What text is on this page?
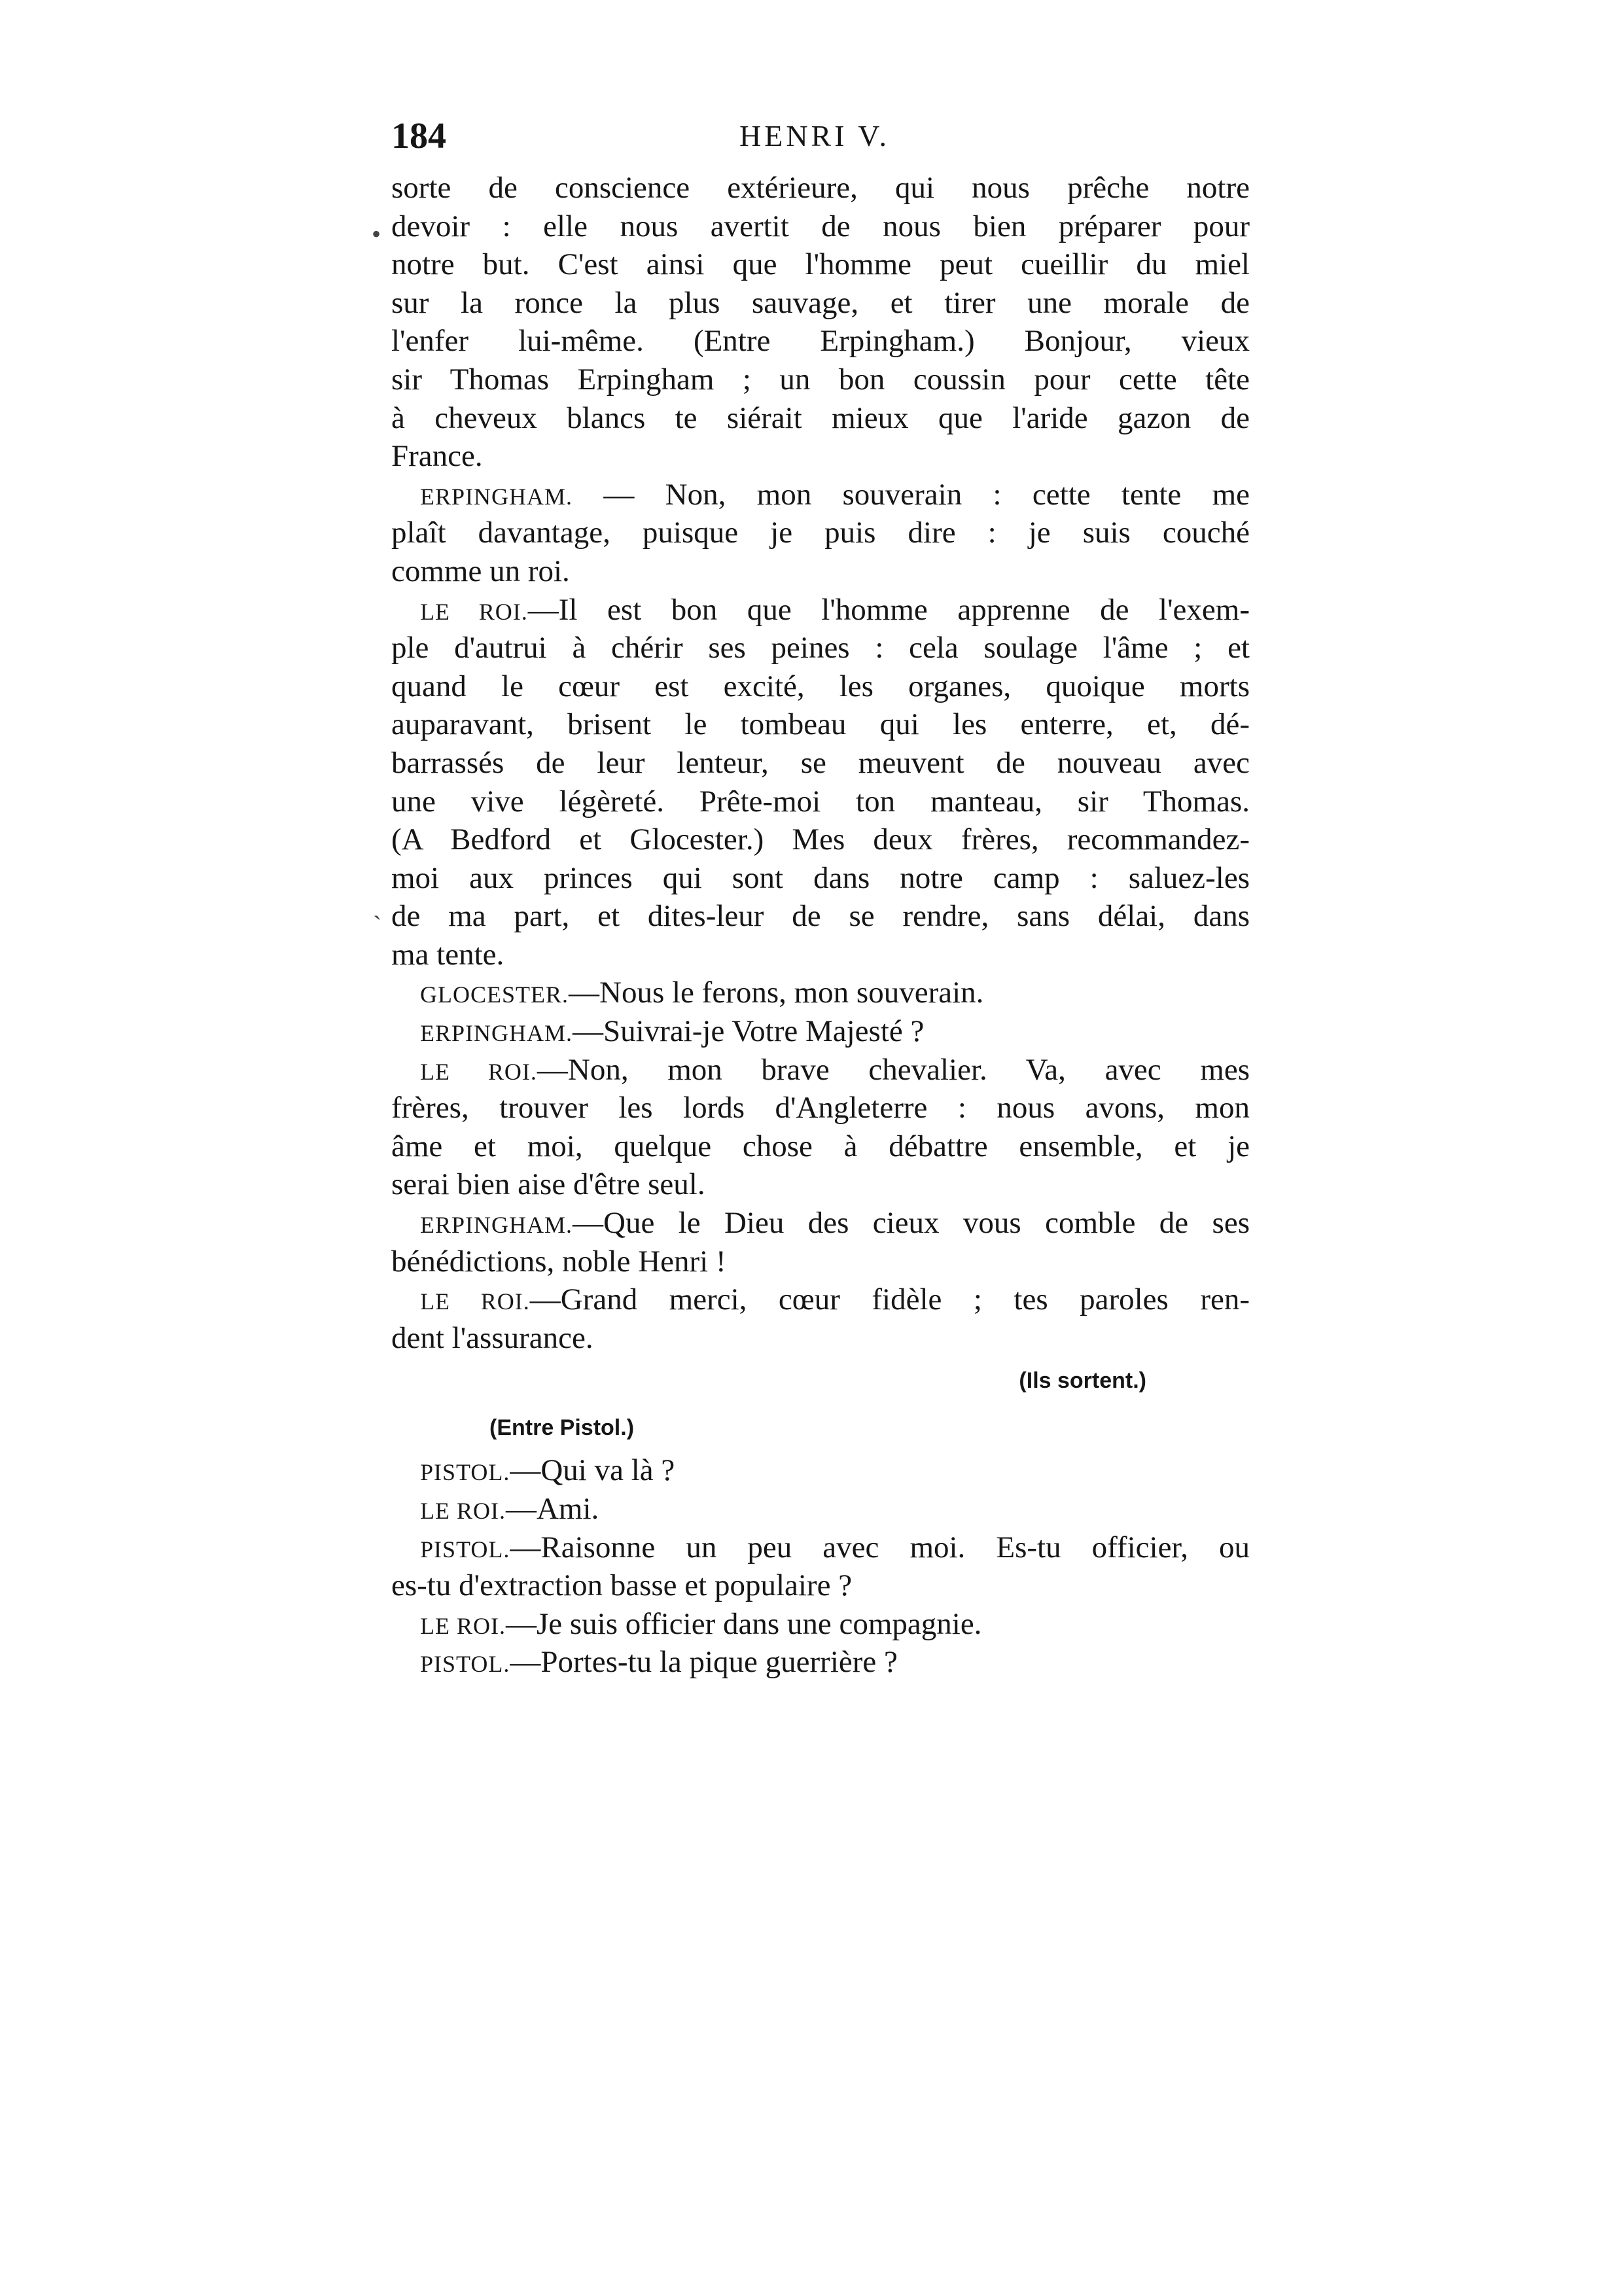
184	HENRI V.
•
ˎ
sorte de conscience extérieure, qui nous prêche notre
devoir : elle nous avertit de nous bien préparer pour
notre but. C'est ainsi que l'homme peut cueillir du miel
sur la ronce la plus sauvage, et tirer une morale de
l'enfer lui-même. (Entre Erpingham.) Bonjour, vieux
sir Thomas Erpingham ; un bon coussin pour cette tête
à cheveux blancs te siérait mieux que l'aride gazon de
France.
ERPINGHAM. — Non, mon souverain : cette tente me
plaît davantage, puisque je puis dire : je suis couché
comme un roi.
LE ROI.—Il est bon que l'homme apprenne de l'exem-
ple d'autrui à chérir ses peines : cela soulage l'âme ; et
quand le cœur est excité, les organes, quoique morts
auparavant, brisent le tombeau qui les enterre, et, dé-
barrassés de leur lenteur, se meuvent de nouveau avec
une vive légèreté. Prête-moi ton manteau, sir Thomas.
(A Bedford et Glocester.) Mes deux frères, recommandez-
moi aux princes qui sont dans notre camp : saluez-les
de ma part, et dites-leur de se rendre, sans délai, dans
ma tente.
GLOCESTER.—Nous le ferons, mon souverain.
ERPINGHAM.—Suivrai-je Votre Majesté ?
LE ROI.—Non, mon brave chevalier. Va, avec mes
frères, trouver les lords d'Angleterre : nous avons, mon
âme et moi, quelque chose à débattre ensemble, et je
serai bien aise d'être seul.
ERPINGHAM.—Que le Dieu des cieux vous comble de ses
bénédictions, noble Henri !
LE ROI.—Grand merci, cœur fidèle ; tes paroles ren-
dent l'assurance.
(Ils sortent.)
(Entre Pistol.)
PISTOL.—Qui va là ?
LE ROI.—Ami.
PISTOL.—Raisonne un peu avec moi. Es-tu officier, ou
es-tu d'extraction basse et populaire ?
LE ROI.—Je suis officier dans une compagnie.
PISTOL.—Portes-tu la pique guerrière ?
